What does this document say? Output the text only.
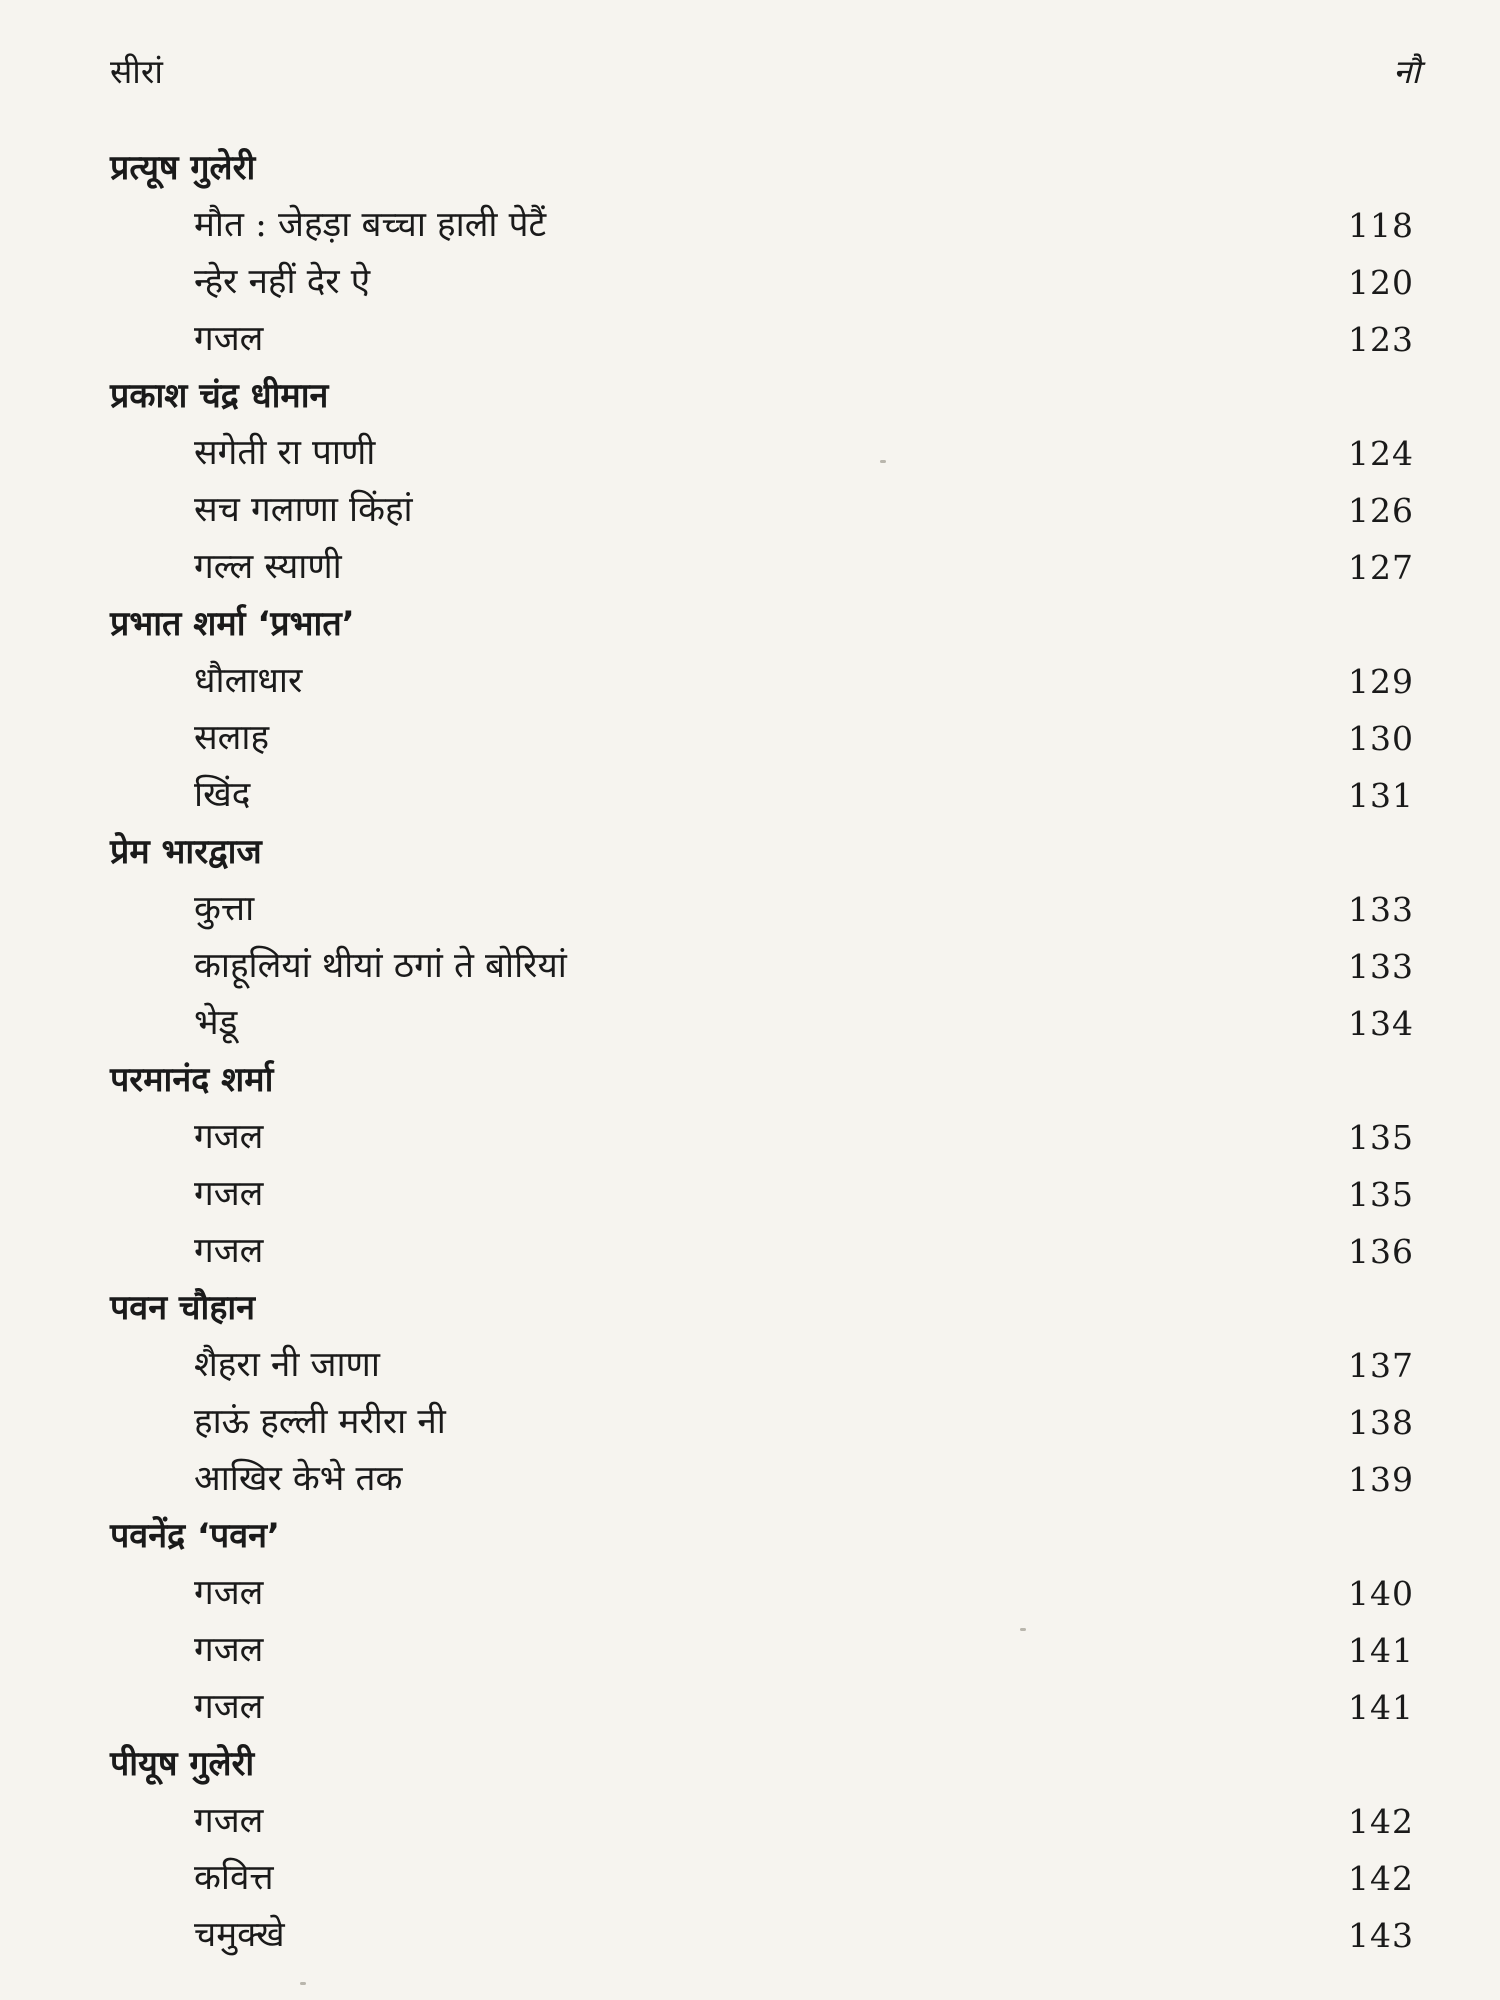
सीरां	नौ
प्रत्यूष गुलेरी
मौत : जेहड़ा बच्चा हाली पेटैं	118
न्हेर नहीं देर ऐ	120
गजल	123
प्रकाश चंद्र धीमान
सगेती रा पाणी	124
सच गलाणा किंहां	126
गल्ल स्याणी	127
प्रभात शर्मा ‘प्रभात’
धौलाधार	129
सलाह	130
खिंद	131
प्रेम भारद्वाज
कुत्ता	133
काहूलियां थीयां ठगां ते बोरियां	133
भेडू	134
परमानंद शर्मा
गजल	135
गजल	135
गजल	136
पवन चौहान
शैहरा नी जाणा	137
हाऊं हल्ली मरीरा नी	138
आखिर केभे तक	139
पवनेंद्र ‘पवन’
गजल	140
गजल	141
गजल	141
पीयूष गुलेरी
गजल	142
कवित्त	142
चमुक्खे	143
